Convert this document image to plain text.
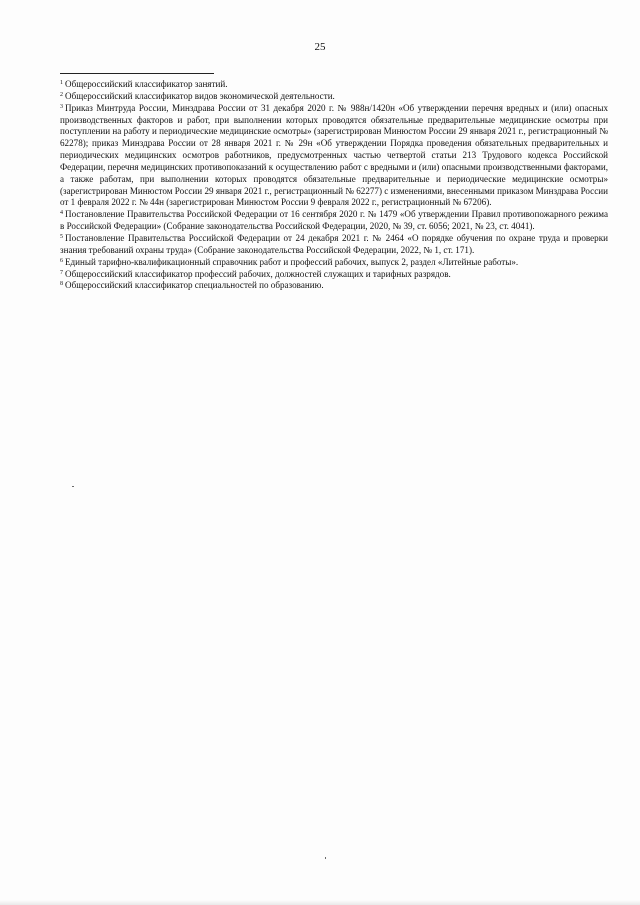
25

$^1$ Общероссийский классификатор занятий.

$^2$ Общероссийский классификатор видов экономической деятельности.

$^3$ Приказ Минтруда России, Минздрава России от 31 декабря 2020 г. № 988н/1420н «Об утверждении перечня вредных и (или) опасных производственных факторов и работ, при выполнении которых проводятся обязательные предварительные медицинские осмотры при поступлении на работу и периодические медицинские осмотры» (зарегистрирован Минюстом России 29 января 2021 г., регистрационный № 62278); приказ Минздрава России от 28 января 2021 г. № 29н «Об утверждении Порядка проведения обязательных предварительных и периодических медицинских осмотров работников, предусмотренных частью четвертой статьи 213 Трудового кодекса Российской Федерации, перечня медицинских противопоказаний к осуществлению работ с вредными и (или) опасными производственными факторами, а также работам, при выполнении которых проводятся обязательные предварительные и периодические медицинские осмотры» (зарегистрирован Минюстом России 29 января 2021 г., регистрационный № 62277) с изменениями, внесенными приказом Минздрава России от 1 февраля 2022 г. № 44н (зарегистрирован Минюстом России 9 февраля 2022 г., регистрационный № 67206).

$^4$ Постановление Правительства Российской Федерации от 16 сентября 2020 г. № 1479 «Об утверждении Правил противопожарного режима в Российской Федерации» (Собрание законодательства Российской Федерации, 2020, № 39, ст. 6056; 2021, № 23, ст. 4041).

$^5$ Постановление Правительства Российской Федерации от 24 декабря 2021 г. № 2464 «О порядке обучения по охране труда и проверки знания требований охраны труда» (Собрание законодательства Российской Федерации, 2022, № 1, ст. 171).

$^6$ Единый тарифно-квалификационный справочник работ и профессий рабочих, выпуск 2, раздел «Литейные работы».

$^7$ Общероссийский классификатор профессий рабочих, должностей служащих и тарифных разрядов.

$^8$ Общероссийский классификатор специальностей по образованию.
